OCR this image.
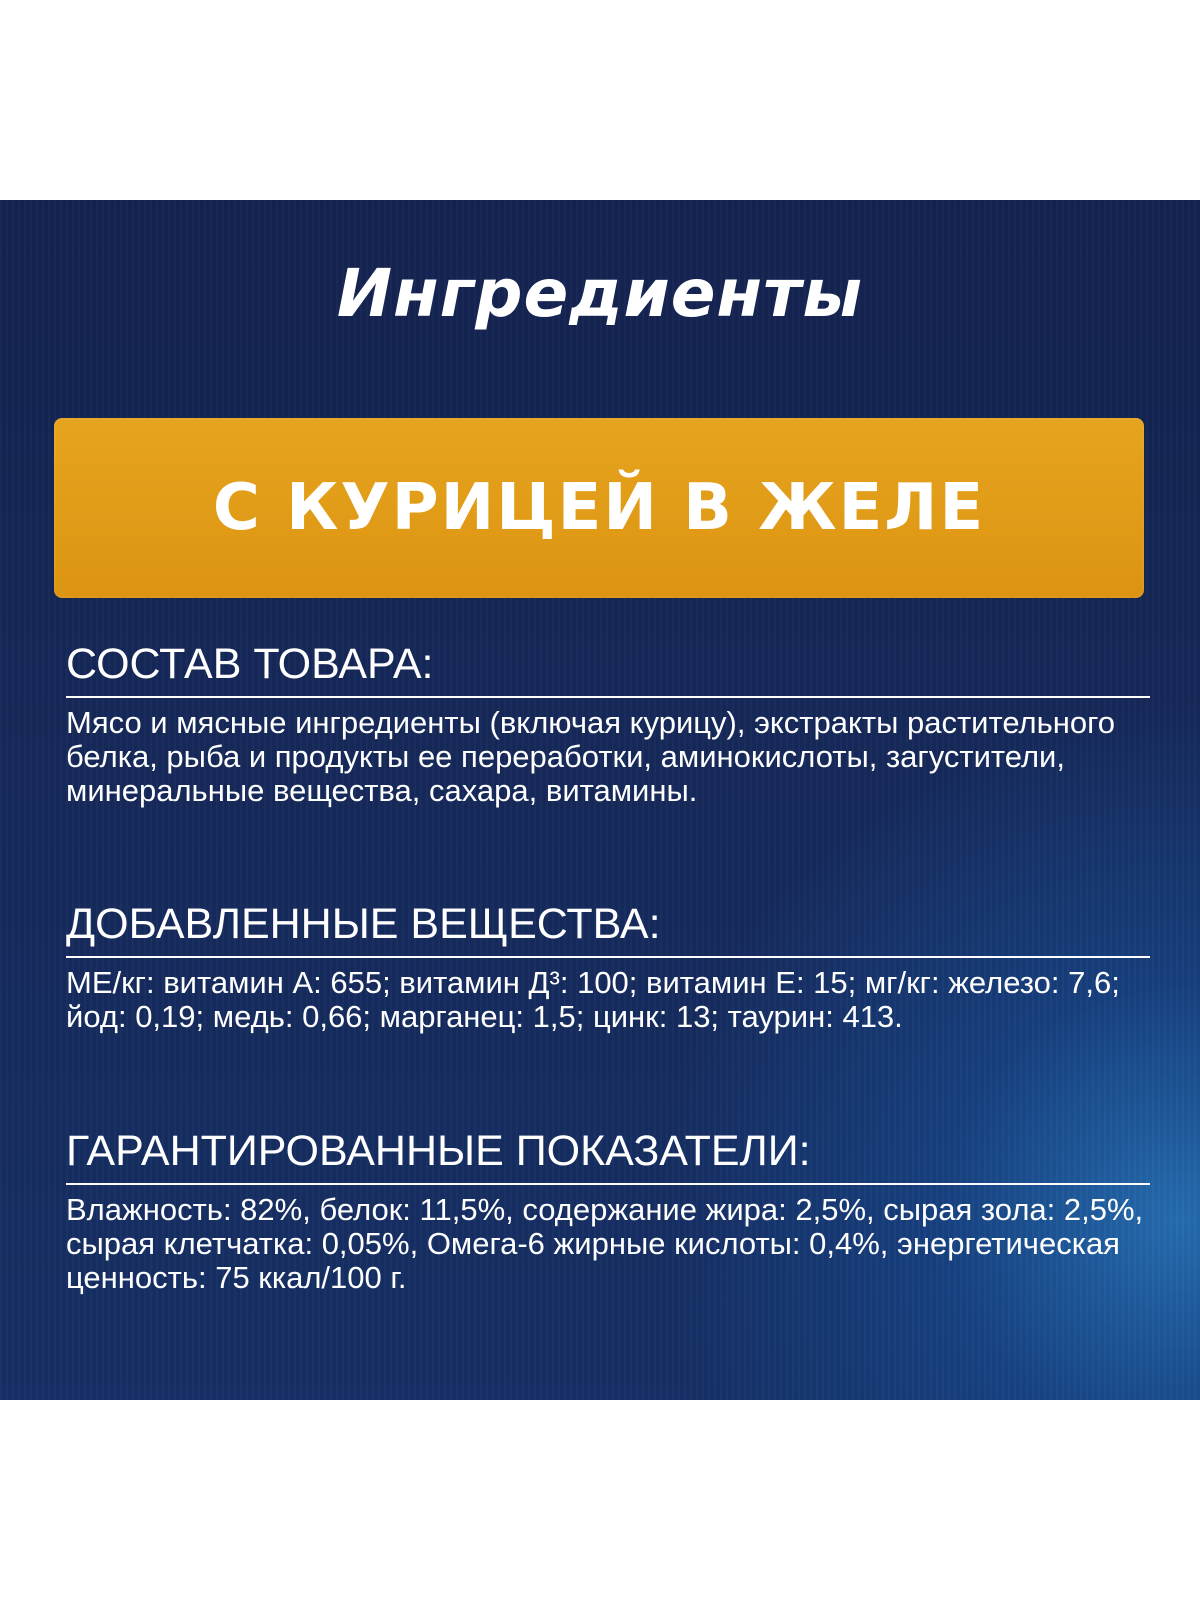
Ингредиенты
С КУРИЦЕЙ В ЖЕЛЕ
СОСТАВ ТОВАРА:
Мясо и мясные ингредиенты (включая курицу), экстракты растительного белка, рыба и продукты ее переработки, аминокислоты, загустители, минеральные вещества, сахара, витамины.
ДОБАВЛЕННЫЕ ВЕЩЕСТВА:
МЕ/кг: витамин А: 655; витамин Д³: 100; витамин Е: 15; мг/кг: железо: 7,6; йод: 0,19; медь: 0,66; марганец: 1,5; цинк: 13; таурин: 413.
ГАРАНТИРОВАННЫЕ ПОКАЗАТЕЛИ:
Влажность: 82%, белок: 11,5%, содержание жира: 2,5%, сырая зола: 2,5%, сырая клетчатка: 0,05%, Омега-6 жирные кислоты: 0,4%, энергетическая ценность: 75 ккал/100 г.
